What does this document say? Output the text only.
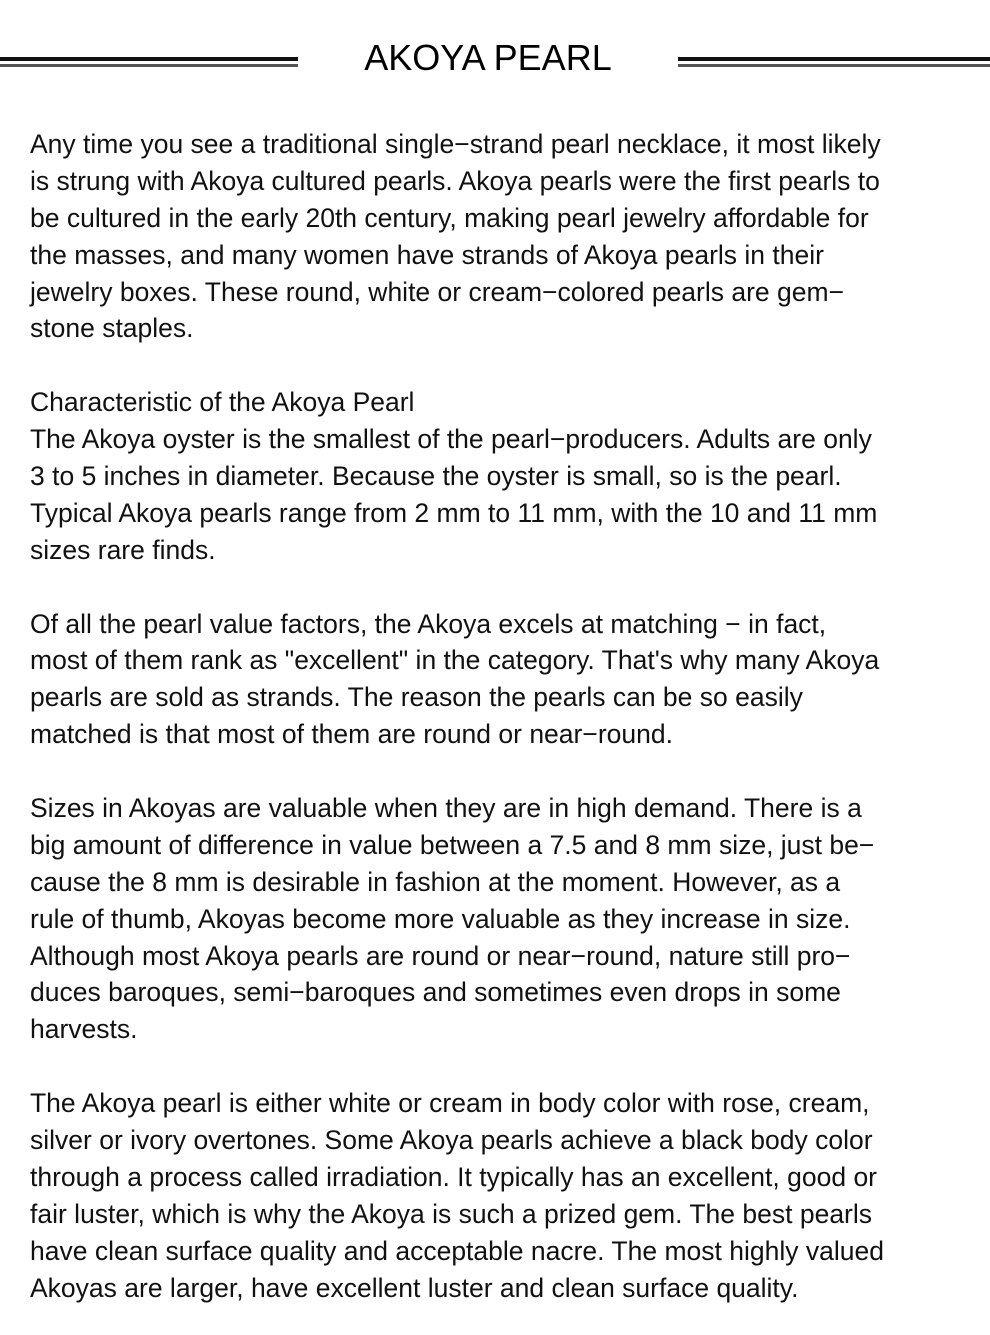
AKOYA PEARL
Any time you see a traditional single−strand pearl necklace, it most likely
is strung with Akoya cultured pearls. Akoya pearls were the first pearls to
be cultured in the early 20th century, making pearl jewelry affordable for
the masses, and many women have strands of Akoya pearls in their
jewelry boxes. These round, white or cream−colored pearls are gem−
stone staples.
Characteristic of the Akoya Pearl
The Akoya oyster is the smallest of the pearl−producers. Adults are only
3 to 5 inches in diameter. Because the oyster is small, so is the pearl.
Typical Akoya pearls range from 2 mm to 11 mm, with the 10 and 11 mm
sizes rare finds.
Of all the pearl value factors, the Akoya excels at matching − in fact,
most of them rank as "excellent" in the category. That's why many Akoya
pearls are sold as strands. The reason the pearls can be so easily
matched is that most of them are round or near−round.
Sizes in Akoyas are valuable when they are in high demand. There is a
big amount of difference in value between a 7.5 and 8 mm size, just be−
cause the 8 mm is desirable in fashion at the moment. However, as a
rule of thumb, Akoyas become more valuable as they increase in size.
Although most Akoya pearls are round or near−round, nature still pro−
duces baroques, semi−baroques and sometimes even drops in some
harvests.
The Akoya pearl is either white or cream in body color with rose, cream,
silver or ivory overtones. Some Akoya pearls achieve a black body color
through a process called irradiation. It typically has an excellent, good or
fair luster, which is why the Akoya is such a prized gem. The best pearls
have clean surface quality and acceptable nacre. The most highly valued
Akoyas are larger, have excellent luster and clean surface quality.
